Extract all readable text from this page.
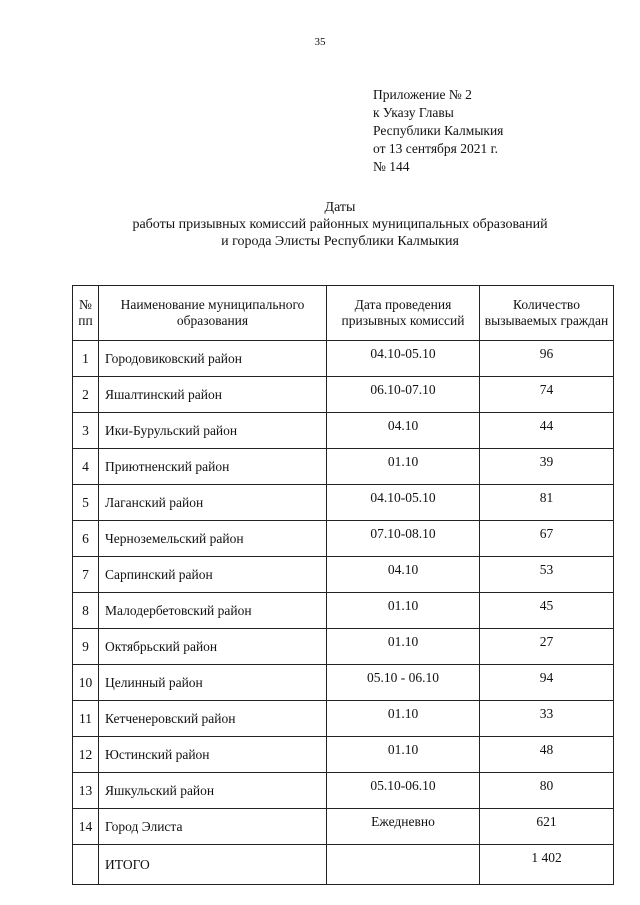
35
Приложение № 2
к Указу Главы
Республики Калмыкия
от 13 сентября 2021 г.
№ 144
Даты
работы призывных комиссий районных муниципальных образований
и города Элисты Республики Калмыкия
№ пп	Наименование муниципального образования	Дата проведения призывных комиссий	Количество вызываемых граждан
1	Городовиковский район	04.10-05.10	96
2	Яшалтинский район	06.10-07.10	74
3	Ики-Бурульский район	04.10	44
4	Приютненский район	01.10	39
5	Лаганский район	04.10-05.10	81
6	Черноземельский район	07.10-08.10	67
7	Сарпинский район	04.10	53
8	Малодербетовский район	01.10	45
9	Октябрьский район	01.10	27
10	Целинный район	05.10 - 06.10	94
11	Кетченеровский район	01.10	33
12	Юстинский район	01.10	48
13	Яшкульский район	05.10-06.10	80
14	Город Элиста	Ежедневно	621
	ИТОГО		1 402
